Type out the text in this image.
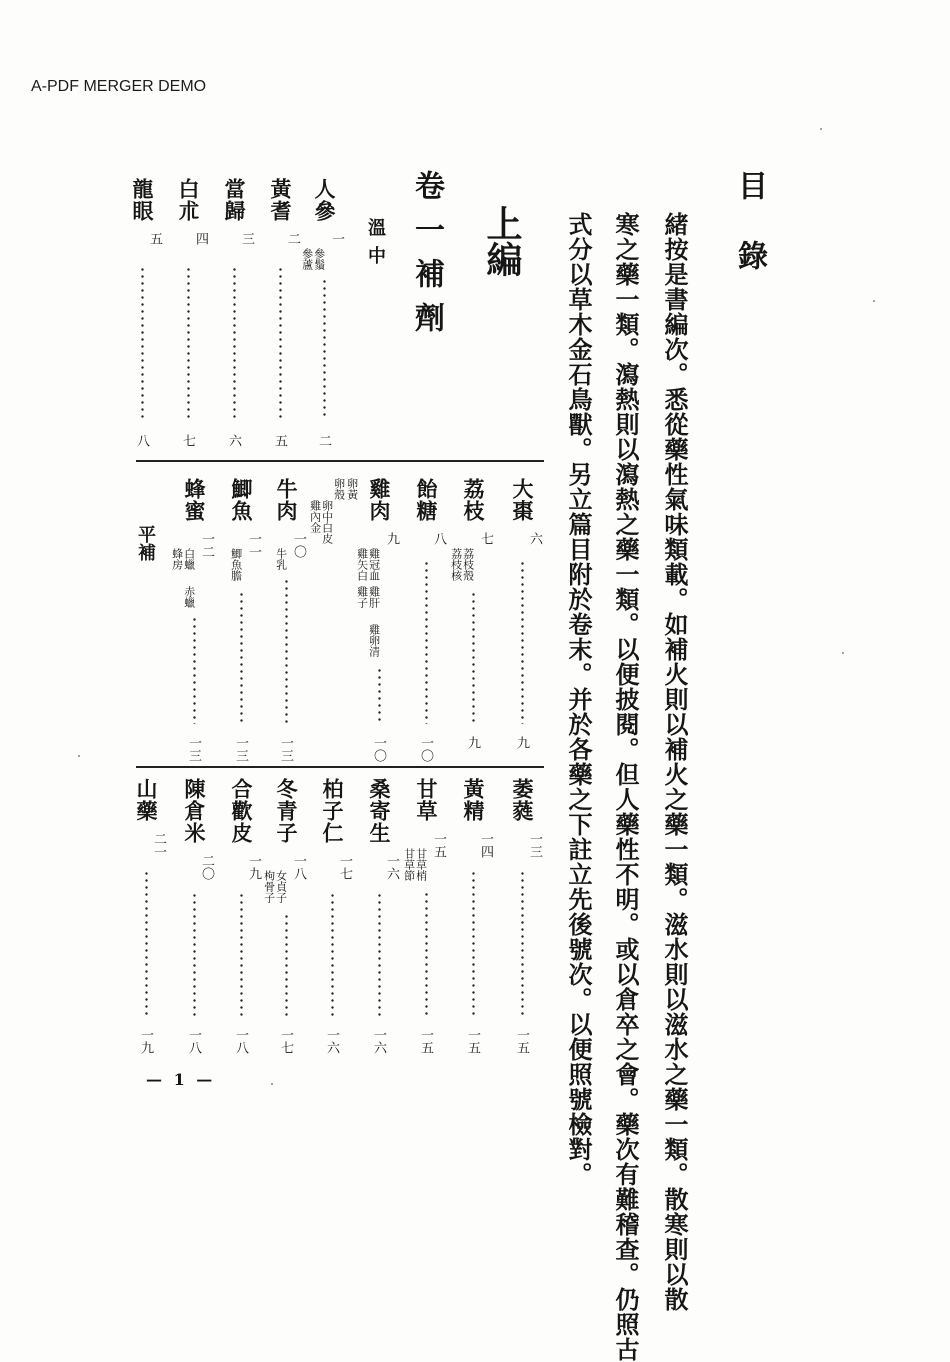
A-PDF MERGER DEMO
目錄
緒按是書編次。悉從藥性氣味類載。如補火則以補火之藥一類。滋水則以滋水之藥一類。散寒則以散
寒之藥一類。瀉熱則以瀉熱之藥一類。以便披閱。但人藥性不明。或以倉卒之會。藥次有難稽查。仍照古
式分以草木金石鳥獸。另立篇目附於卷末。并於各藥之下註立先後號次。以便照號檢對。
上編
卷一補劑
溫中
人參
一
參鬚
參蘆
二
黃耆
二
五
當歸
三
六
白朮
四
七
龍眼
五
八
平補
大棗
六
九
荔枝
七
荔枝殼
荔枝核
九
飴糖
八
一〇
雞肉
九
雞冠血
雞矢白
雞肝
雞子
雞卵清
一〇
牛肉
一〇
牛乳
一三
鯽魚
一一
鯽魚膽
一三
蜂蜜
一二
白蠟
蜂房
赤蠟
一三
卵黃
卵殼
卵中白皮
雞內金
萎蕤
一三
一五
黃精
一四
一五
甘草
一五
甘草梢
甘草節
一五
桑寄生
一六
一六
柏子仁
一七
一六
冬青子
一八
女貞子
枸骨子
一七
合歡皮
一九
一八
陳倉米
二〇
一八
山藥
二一
一九
— 1 —
